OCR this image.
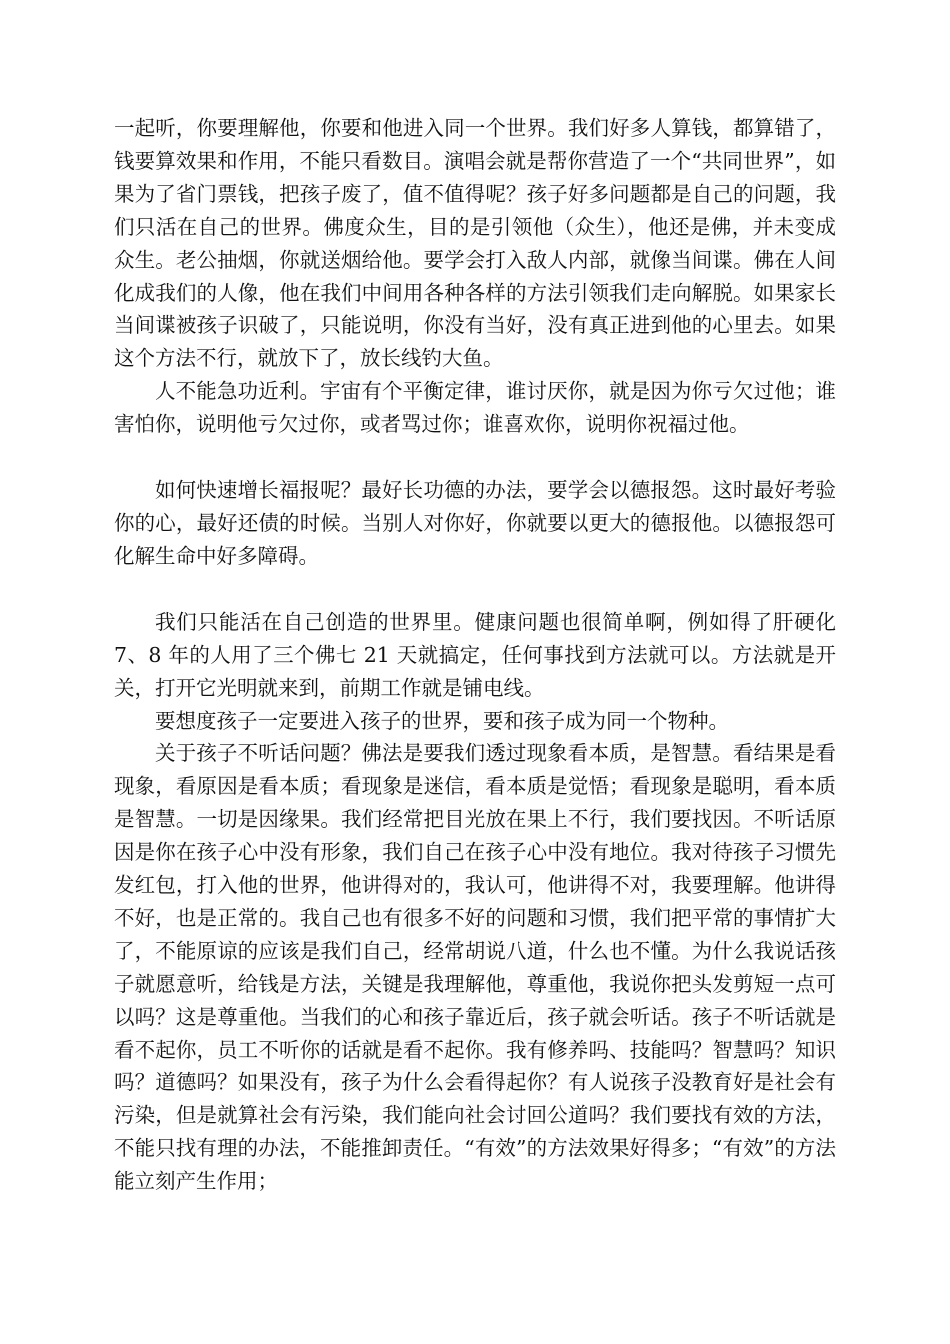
一起听，你要理解他，你要和他进入同一个世界。我们好多人算钱，都算错了，钱要算效果和作用，不能只看数目。演唱会就是帮你营造了一个“共同世界”，如果为了省门票钱，把孩子废了，值不值得呢？孩子好多问题都是自己的问题，我们只活在自己的世界。佛度众生，目的是引领他（众生），他还是佛，并未变成众生。老公抽烟，你就送烟给他。要学会打入敌人内部，就像当间谍。佛在人间化成我们的人像，他在我们中间用各种各样的方法引领我们走向解脱。如果家长当间谍被孩子识破了，只能说明，你没有当好，没有真正进到他的心里去。如果这个方法不行，就放下了，放长线钓大鱼。

人不能急功近利。宇宙有个平衡定律，谁讨厌你，就是因为你亏欠过他；谁害怕你，说明他亏欠过你，或者骂过你；谁喜欢你，说明你祝福过他。

如何快速增长福报呢？最好长功德的办法，要学会以德报怨。这时最好考验你的心，最好还债的时候。当别人对你好，你就要以更大的德报他。以德报怨可化解生命中好多障碍。

我们只能活在自己创造的世界里。健康问题也很简单啊，例如得了肝硬化 7、8 年的人用了三个佛七 21 天就搞定，任何事找到方法就可以。方法就是开关，打开它光明就来到，前期工作就是铺电线。

要想度孩子一定要进入孩子的世界，要和孩子成为同一个物种。

关于孩子不听话问题？佛法是要我们透过现象看本质，是智慧。看结果是看现象，看原因是看本质；看现象是迷信，看本质是觉悟；看现象是聪明，看本质是智慧。一切是因缘果。我们经常把目光放在果上不行，我们要找因。不听话原因是你在孩子心中没有形象，我们自己在孩子心中没有地位。我对待孩子习惯先发红包，打入他的世界，他讲得对的，我认可，他讲得不对，我要理解。他讲得不好，也是正常的。我自己也有很多不好的问题和习惯，我们把平常的事情扩大了，不能原谅的应该是我们自己，经常胡说八道，什么也不懂。为什么我说话孩子就愿意听，给钱是方法，关键是我理解他，尊重他，我说你把头发剪短一点可以吗？这是尊重他。当我们的心和孩子靠近后，孩子就会听话。孩子不听话就是看不起你，员工不听你的话就是看不起你。我有修养吗、技能吗？智慧吗？知识吗？道德吗？如果没有，孩子为什么会看得起你？有人说孩子没教育好是社会有污染，但是就算社会有污染，我们能向社会讨回公道吗？我们要找有效的方法，不能只找有理的办法，不能推卸责任。“有效”的方法效果好得多；“有效”的方法能立刻产生作用；
